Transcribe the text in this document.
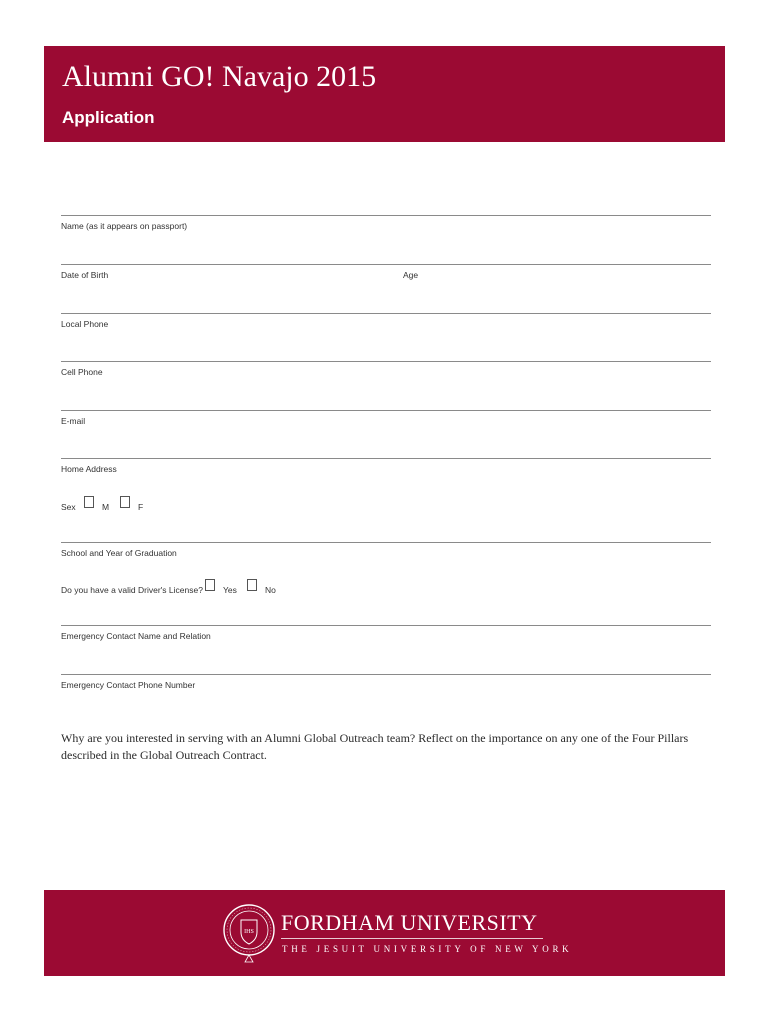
Alumni GO! Navajo 2015
Application
Name (as it appears on passport)
Date of Birth	Age
Local Phone
Cell Phone
E-mail
Home Address
Sex	M	F
School and Year of Graduation
Do you have a valid Driver's License? Yes	No
Emergency Contact Name and Relation
Emergency Contact Phone Number
Why are you interested in serving with an Alumni Global Outreach team? Reflect on the importance on any one of the Four Pillars described in the Global Outreach Contract.
IHS FORDHAM UNIVERSITY
THE JESUIT UNIVERSITY OF NEW YORK
